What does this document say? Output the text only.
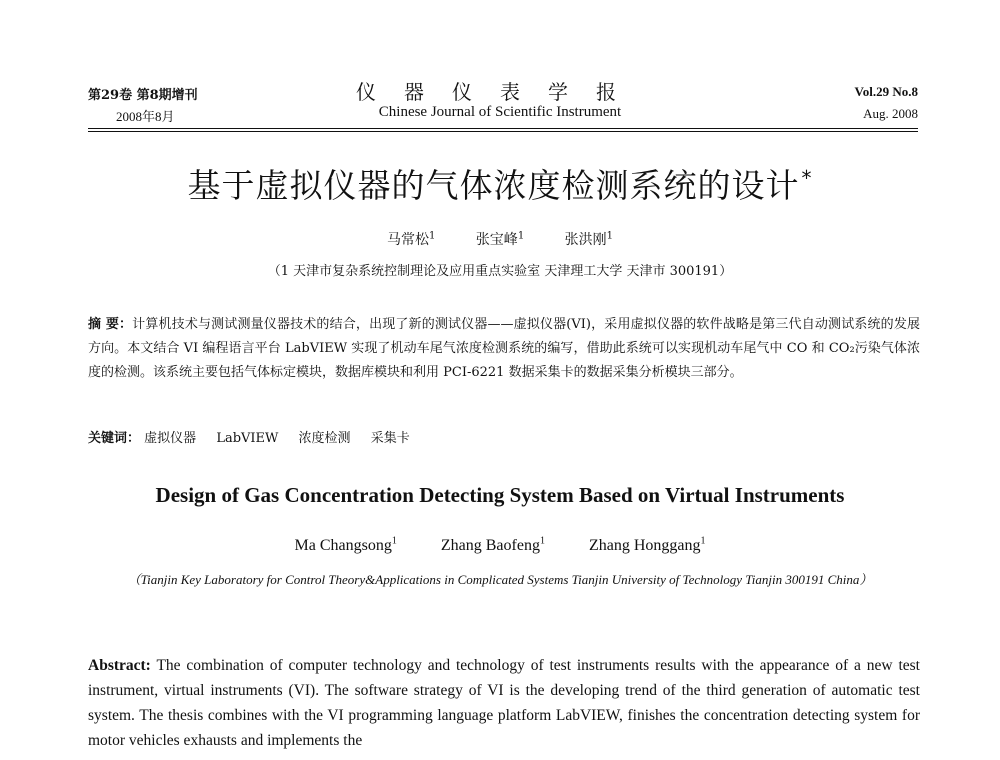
第29卷 第8期增刊
2008年8月
仪器仪表学报
Chinese Journal of Scientific Instrument
Vol.29 No.8
Aug. 2008
基于虚拟仪器的气体浓度检测系统的设计 *
马常松$^1$	张宝峰$^1$	张洪刚$^1$
（1 天津市复杂系统控制理论及应用重点实验室 天津理工大学 天津市 300191）
摘 要：计算机技术与测试测量仪器技术的结合，出现了新的测试仪器——虚拟仪器(VI)，采用虚拟仪器的软件战略是第三代自动测试系统的发展方向。本文结合 VI 编程语言平台 LabVIEW 实现了机动车尾气浓度检测系统的编写，借助此系统可以实现机动车尾气中 CO 和 CO₂污染气体浓度的检测。该系统主要包括气体标定模块，数据库模块和利用 PCI-6221 数据采集卡的数据采集分析模块三部分。
关键词： 虚拟仪器 LabVIEW 浓度检测 采集卡
Design of Gas Concentration Detecting System Based on Virtual Instruments
Ma Changsong$^1$	Zhang Baofeng$^1$	Zhang Honggang$^1$
（Tianjin Key Laboratory for Control Theory&Applications in Complicated Systems Tianjin University of Technology Tianjin 300191 China）
Abstract: The combination of computer technology and technology of test instruments results with the appearance of a new test instrument, virtual instruments (VI). The software strategy of VI is the developing trend of the third generation of automatic test system. The thesis combines with the VI programming language platform LabVIEW, finishes the concentration detecting system for motor vehicles exhausts and implements the
